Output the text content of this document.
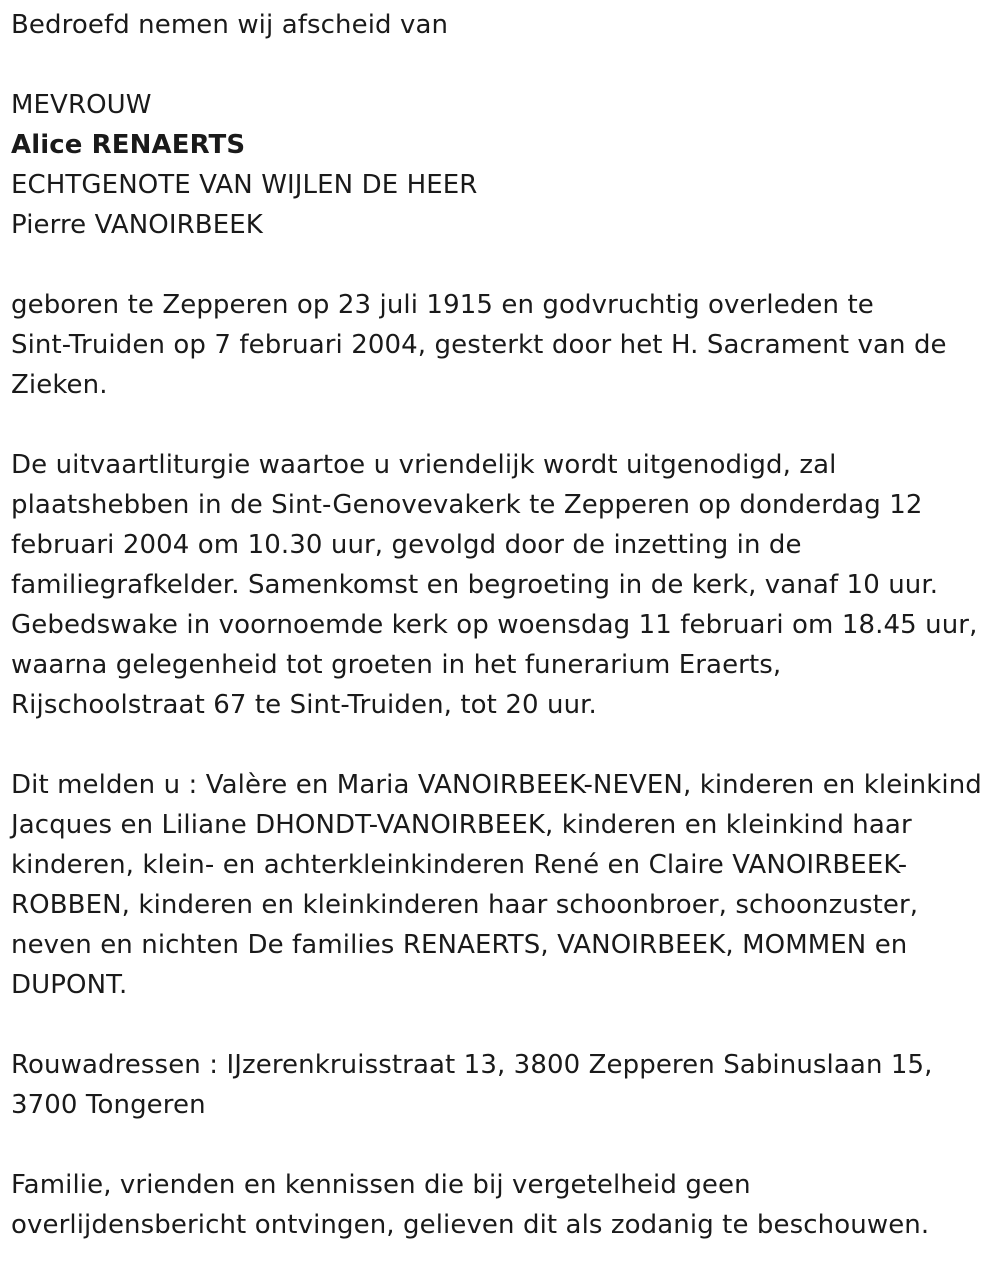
Bedroefd nemen wij afscheid van
MEVROUW
Alice RENAERTS
ECHTGENOTE VAN WIJLEN DE HEER
Pierre VANOIRBEEK
geboren te Zepperen op 23 juli 1915 en godvruchtig overleden te
Sint-Truiden op 7 februari 2004, gesterkt door het H. Sacrament van de
Zieken.
De uitvaartliturgie waartoe u vriendelijk wordt uitgenodigd, zal
plaatshebben in de Sint-Genovevakerk te Zepperen op donderdag 12
februari 2004 om 10.30 uur, gevolgd door de inzetting in de
familiegrafkelder. Samenkomst en begroeting in de kerk, vanaf 10 uur.
Gebedswake in voornoemde kerk op woensdag 11 februari om 18.45 uur,
waarna gelegenheid tot groeten in het funerarium Eraerts,
Rijschoolstraat 67 te Sint-Truiden, tot 20 uur.
Dit melden u : Valère en Maria VANOIRBEEK-NEVEN, kinderen en kleinkind
Jacques en Liliane DHONDT-VANOIRBEEK, kinderen en kleinkind haar
kinderen, klein- en achterkleinkinderen René en Claire VANOIRBEEK-
ROBBEN, kinderen en kleinkinderen haar schoonbroer, schoonzuster,
neven en nichten De families RENAERTS, VANOIRBEEK, MOMMEN en
DUPONT.
Rouwadressen : IJzerenkruisstraat 13, 3800 Zepperen Sabinuslaan 15,
3700 Tongeren
Familie, vrienden en kennissen die bij vergetelheid geen
overlijdensbericht ontvingen, gelieven dit als zodanig te beschouwen.
